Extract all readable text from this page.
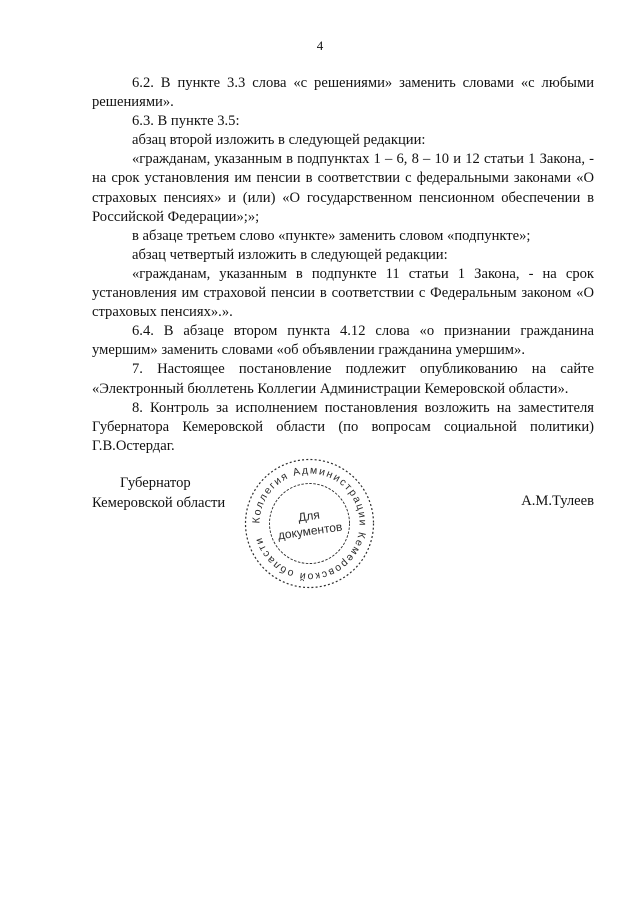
4

6.2. В пункте 3.3 слова «с решениями» заменить словами «с любыми решениями».

6.3. В пункте 3.5:

абзац второй изложить в следующей редакции:

«гражданам, указанным в подпунктах 1 – 6, 8 – 10 и 12 статьи 1 Закона, - на срок установления им пенсии в соответствии с федеральными законами «О страховых пенсиях» и (или) «О государственном пенсионном обеспечении в Российской Федерации»;»;

в абзаце третьем слово «пункте» заменить словом «подпункте»;

абзац четвертый изложить в следующей редакции:

«гражданам, указанным в подпункте 11 статьи 1 Закона, - на срок установления им страховой пенсии в соответствии с Федеральным законом «О страховых пенсиях».».

6.4. В абзаце втором пункта 4.12 слова «о признании гражданина умершим» заменить словами «об объявлении гражданина умершим».

7. Настоящее постановление подлежит опубликованию на сайте «Электронный бюллетень Коллегии Администрации Кемеровской области».

8. Контроль за исполнением постановления возложить на заместителя Губернатора Кемеровской области (по вопросам социальной политики) Г.В.Остердаг.

Губернатор
Кемеровской области	А.М.Тулеев
Коллегия Администрации Кемеровской области
Для
документов
